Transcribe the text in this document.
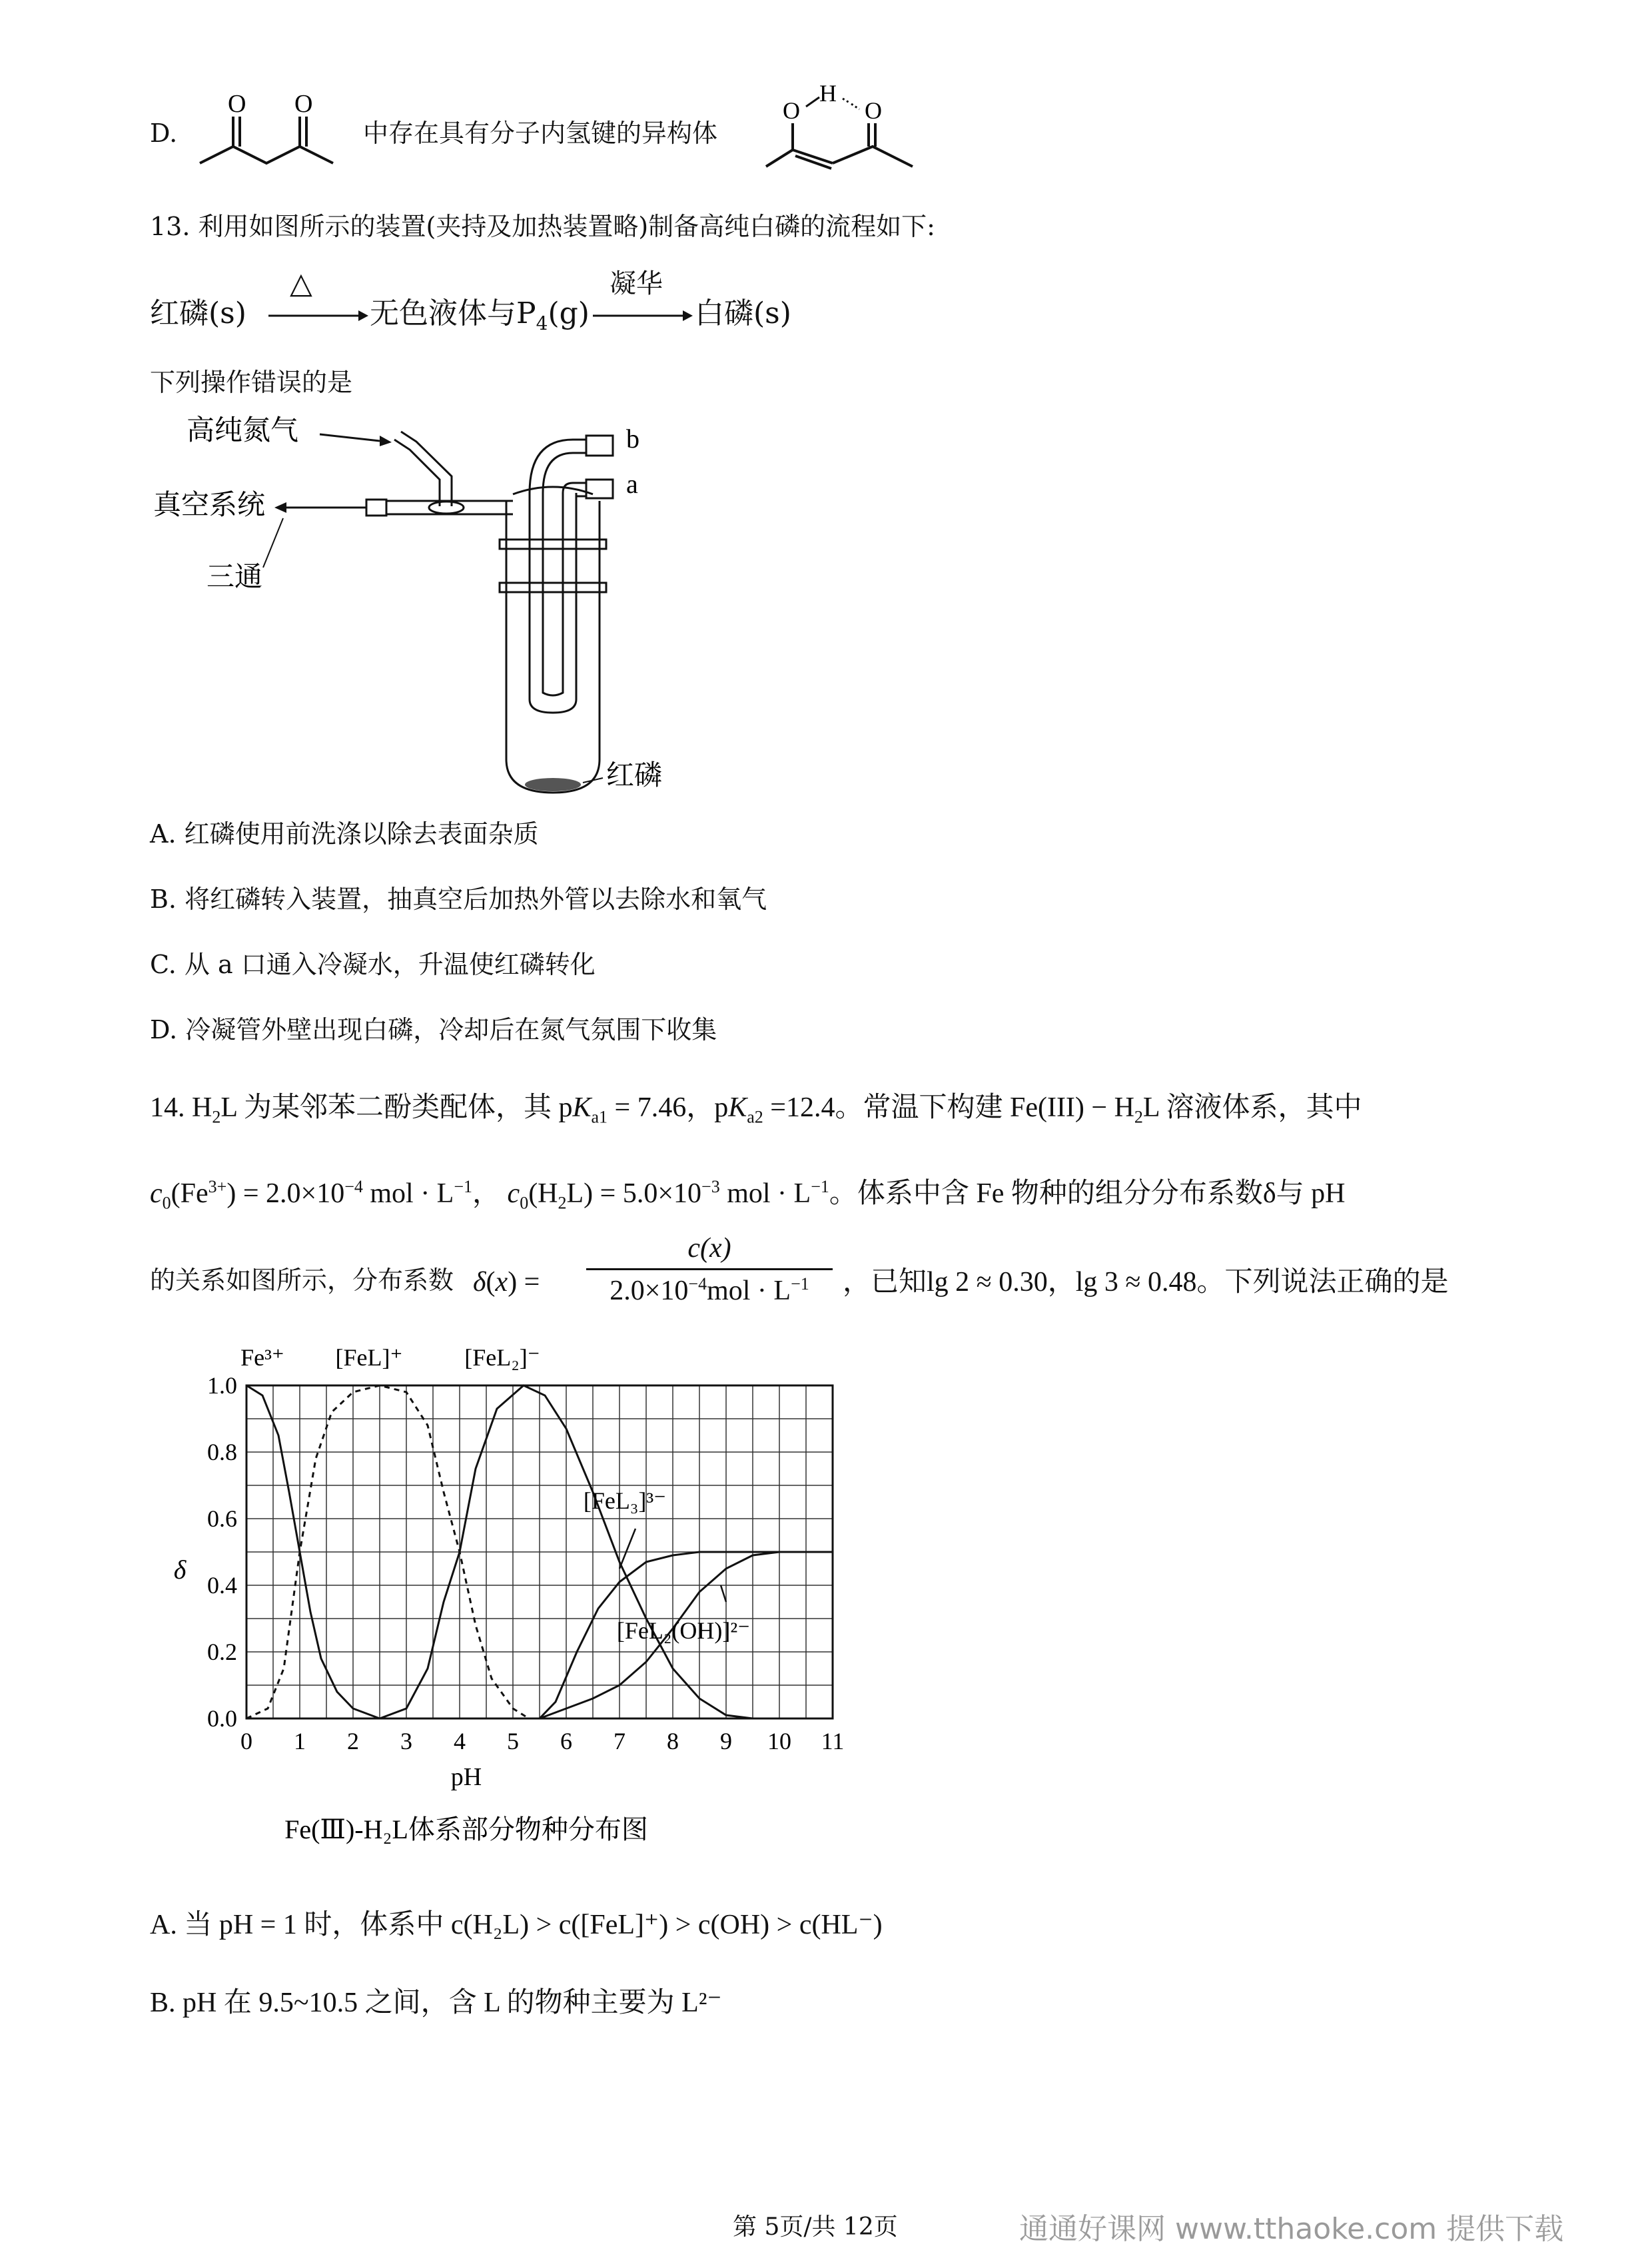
D.
O O
中存在具有分子内氢键的异构体
O
H
O
13. 利用如图所示的装置(夹持及加热装置略)制备高纯白磷的流程如下:
红磷(s)
△
无色液体与$P_4(g)$
凝华
白磷(s)
下列操作错误的是
高纯氮气
真空系统
三通
b
a
红磷
A. 红磷使用前洗涤以除去表面杂质
B. 将红磷转入装置，抽真空后加热外管以去除水和氧气
C. 从 a 口通入冷凝水，升温使红磷转化
D. 冷凝管外壁出现白磷，冷却后在氮气氛围下收集
14. $H_2L$ 为某邻苯二酚类配体，其 $pK_{a1} = 7.46$，$pK_{a2} =12.4$。常温下构建 $Fe(III) - H_2L$ 溶液体系，其中
$c_0(Fe^{3+}) = 2.0\times 10^{-4}$ mol · $L^{-1}$， $c_0(H_2L) = 5.0\times 10^{-3}$ mol · $L^{-1}$。体系中含 Fe 物种的组分分布系数δ与 pH
的关系如图所示，分布系数 δ(x) =
c(x)
$2.0\times 10^{-4}mol \cdot L^{-1}$	，已知lg 2 ≈ 0.30，lg 3 ≈ 0.48。下列说法正确的是
0 1 2 3 4 5 6 7 8 9 10 11
0.0
0.2
0.4
0.6
0.8
1.0
Fe³⁺ [FeL]⁺	[FeL₂]⁻
[FeL₃]³⁻
[FeL₂(OH)]²⁻
pH
δ
Fe(Ⅲ)-H₂L体系部分物种分布图
A. 当 pH = 1 时，体系中 c(H₂L) > c([FeL]⁺) > c(OH) > c(HL⁻)
B. pH 在 9.5~10.5 之间，含 L 的物种主要为 L²⁻
第 5页/共 12页	通通好课网 www.tthaoke.com 提供下载
